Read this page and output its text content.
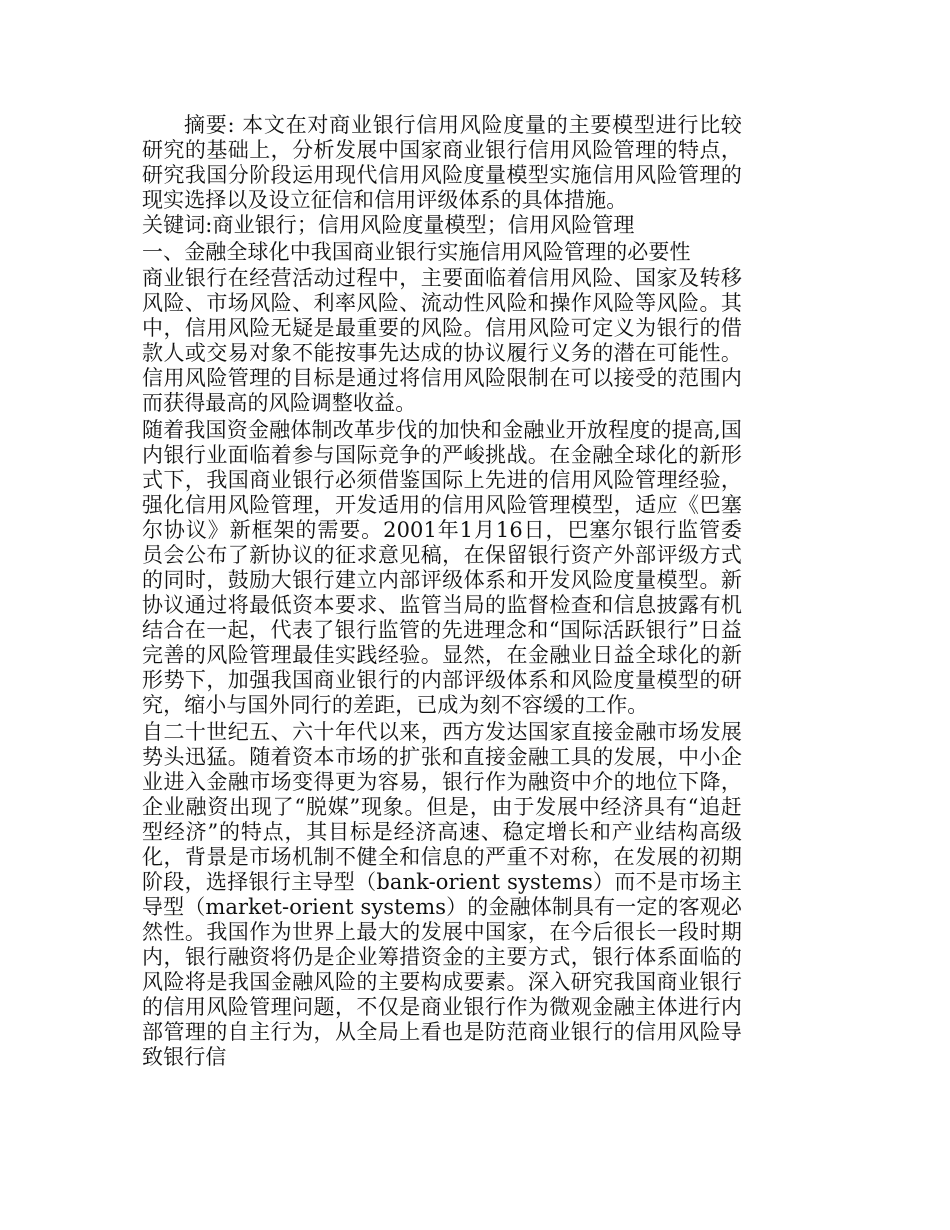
摘要: 本文在对商业银行信用风险度量的主要模型进行比较研究的基础上，分析发展中国家商业银行信用风险管理的特点，研究我国分阶段运用现代信用风险度量模型实施信用风险管理的现实选择以及设立征信和信用评级体系的具体措施。

关键词:商业银行；信用风险度量模型；信用风险管理

一、金融全球化中我国商业银行实施信用风险管理的必要性

商业银行在经营活动过程中，主要面临着信用风险、国家及转移风险、市场风险、利率风险、流动性风险和操作风险等风险。其中，信用风险无疑是最重要的风险。信用风险可定义为银行的借款人或交易对象不能按事先达成的协议履行义务的潜在可能性。信用风险管理的目标是通过将信用风险限制在可以接受的范围内而获得最高的风险调整收益。

随着我国资金融体制改革步伐的加快和金融业开放程度的提高,国内银行业面临着参与国际竞争的严峻挑战。在金融全球化的新形式下，我国商业银行必须借鉴国际上先进的信用风险管理经验，强化信用风险管理，开发适用的信用风险管理模型，适应《巴塞尔协议》新框架的需要。2001年1月16日，巴塞尔银行监管委员会公布了新协议的征求意见稿，在保留银行资产外部评级方式的同时，鼓励大银行建立内部评级体系和开发风险度量模型。新协议通过将最低资本要求、监管当局的监督检查和信息披露有机结合在一起，代表了银行监管的先进理念和“国际活跃银行”日益完善的风险管理最佳实践经验。显然，在金融业日益全球化的新形势下，加强我国商业银行的内部评级体系和风险度量模型的研究，缩小与国外同行的差距，已成为刻不容缓的工作。

自二十世纪五、六十年代以来，西方发达国家直接金融市场发展势头迅猛。随着资本市场的扩张和直接金融工具的发展，中小企业进入金融市场变得更为容易，银行作为融资中介的地位下降，企业融资出现了“脱媒”现象。但是，由于发展中经济具有“追赶型经济”的特点，其目标是经济高速、稳定增长和产业结构高级化，背景是市场机制不健全和信息的严重不对称，在发展的初期阶段，选择银行主导型（bank-orient systems）而不是市场主导型（market-orient systems）的金融体制具有一定的客观必然性。我国作为世界上最大的发展中国家，在今后很长一段时期内，银行融资将仍是企业筹措资金的主要方式，银行体系面临的风险将是我国金融风险的主要构成要素。深入研究我国商业银行的信用风险管理问题，不仅是商业银行作为微观金融主体进行内部管理的自主行为，从全局上看也是防范商业银行的信用风险导致银行信
